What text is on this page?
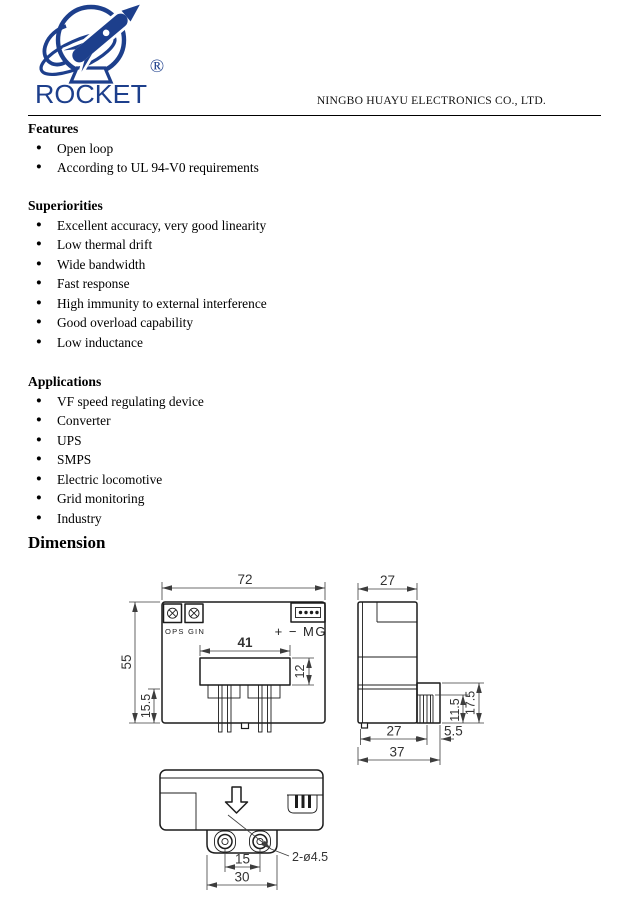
®
ROCKET	NINGBO HUAYU ELECTRONICS CO., LTD.
Features
● Open loop
● According to UL 94-V0 requirements
Superiorities
● Excellent accuracy, very good linearity
● Low thermal drift
● Wide bandwidth
● Fast response
● High immunity to external interference
● Good overload capability
● Low inductance
Applications
● VF speed regulating device
● Converter
● UPS
● SMPS
● Electric locomotive
● Grid monitoring
● Industry
Dimension
OPS GIN	+ − MG
72
55
15.5
41
12
27
11.5 17.5
27	5.5
37
2-ø4.5
15
30
